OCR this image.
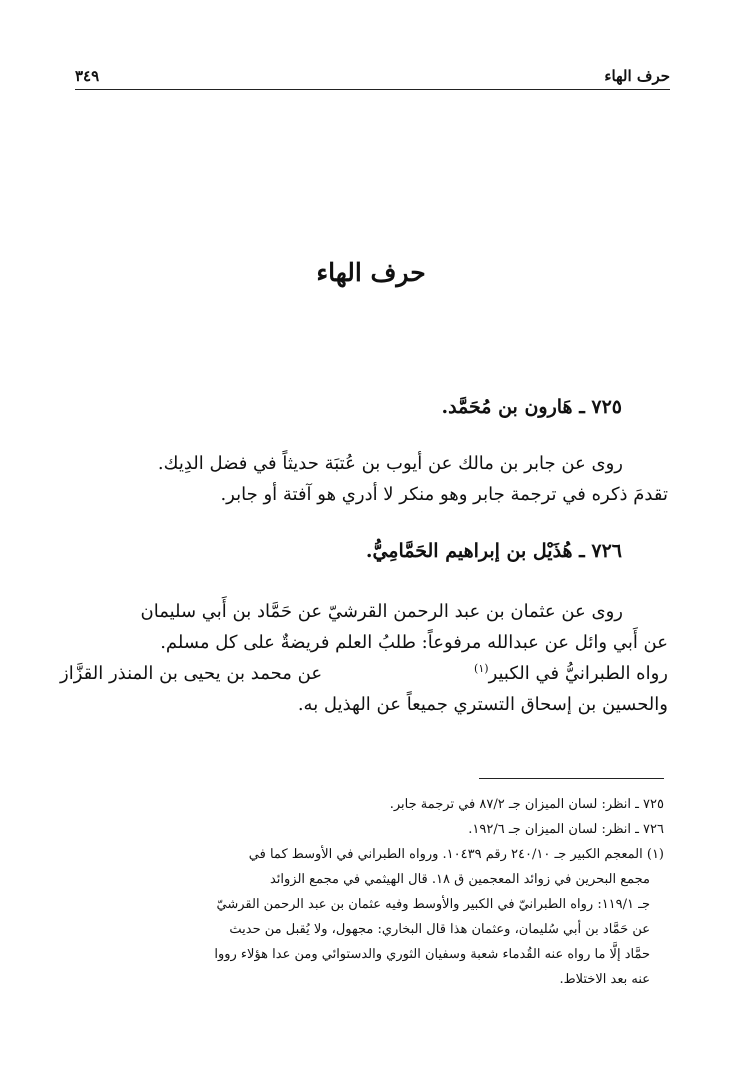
حرف الهاء
٣٤٩
حرف الهاء
٧٢٥ ـ هَارون بن مُحَمَّد.

روى عن جابر بن مالك عن أيوب بن عُتبَة حديثاً في فضل الدِيك.

تقدمَ ذكره في ترجمة جابر وهو منكر لا أدري هو آفتة أو جابر.

٧٢٦ ـ هُذَيْل بن إبراهيم الحَمَّامِيُّ.

روى عن عثمان بن عبد الرحمن القرشيّ عن حَمَّاد بن أَبي سليمان

عن أَبي وائل عن عبدالله مرفوعاً: طلبُ العلم فريضةٌ على كل مسلم.

رواه الطبرانيُّ في الكبير$^{(١)}$
عن محمد بن يحيى بن المنذر القزَّاز

والحسين بن إسحاق التستري جميعاً عن الهذيل به.

٧٢٥ ـ انظر: لسان الميزان جـ ٨٧/٢ في ترجمة جابر.

٧٢٦ ـ انظر: لسان الميزان جـ ١٩٢/٦.

(١) المعجم الكبير جـ ٢٤٠/١٠ رقم ١٠٤٣٩. ورواه الطبراني في الأوسط كما في

مجمع البحرين في زوائد المعجمين ق ١٨. قال الهيثمي في مجمع الزوائد

جـ ١١٩/١: رواه الطبرانيّ في الكبير والأوسط وفيه عثمان بن عبد الرحمن القرشيّ

عن حَمَّاد بن أبي سُليمان، وعثمان هذا قال البخاري: مجهول، ولا يُقبل من حديث

حمَّاد إلَّا ما رواه عنه القُدماء شعبة وسفيان الثوري والدستوائي ومن عدا هؤلاء رووا

عنه بعد الاختلاط.
